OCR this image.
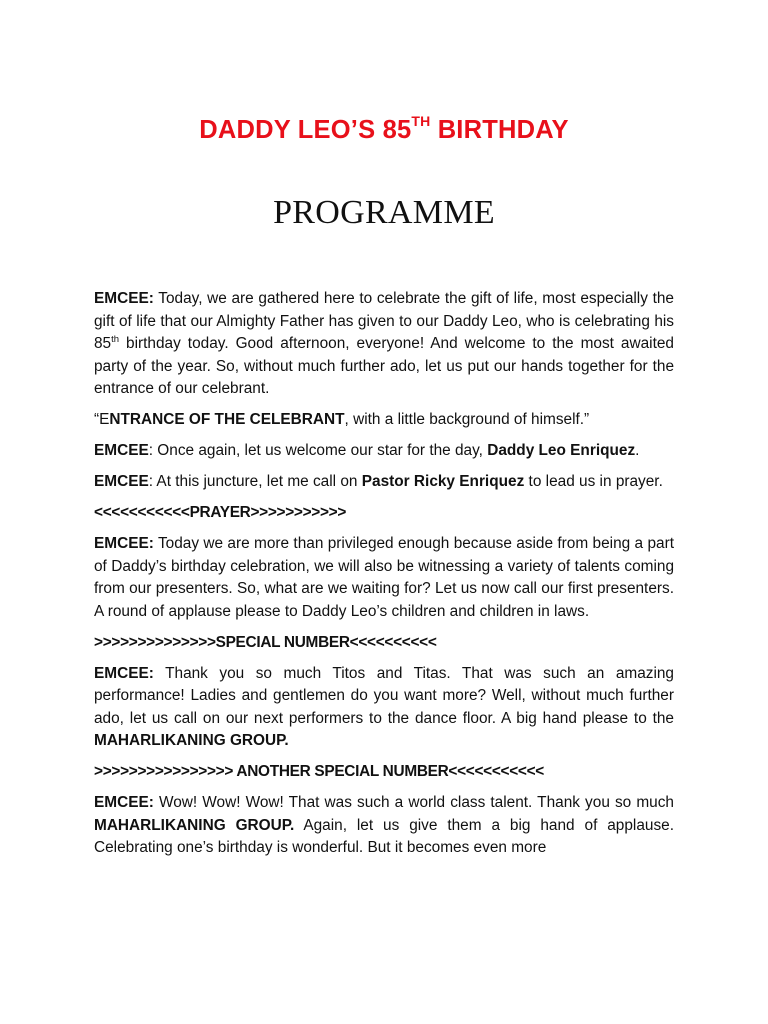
DADDY LEO’S 85TH BIRTHDAY
PROGRAMME

EMCEE: Today, we are gathered here to celebrate the gift of life, most especially the gift of life that our Almighty Father has given to our Daddy Leo, who is celebrating his 85th birthday today. Good afternoon, everyone! And welcome to the most awaited party of the year. So, without much further ado, let us put our hands together for the entrance of our celebrant.

“ENTRANCE OF THE CELEBRANT, with a little background of himself.”

EMCEE: Once again, let us welcome our star for the day, Daddy Leo Enriquez.

EMCEE: At this juncture, let me call on Pastor Ricky Enriquez to lead us in prayer.

<<<<<<<<<<<PRAYER>>>>>>>>>>>

EMCEE: Today we are more than privileged enough because aside from being a part of Daddy’s birthday celebration, we will also be witnessing a variety of talents coming from our presenters. So, what are we waiting for? Let us now call our first presenters. A round of applause please to Daddy Leo’s children and children in laws.

>>>>>>>>>>>>>>SPECIAL NUMBER<<<<<<<<<<

EMCEE: Thank you so much Titos and Titas. That was such an amazing performance! Ladies and gentlemen do you want more? Well, without much further ado, let us call on our next performers to the dance floor. A big hand please to the MAHARLIKANING GROUP.

>>>>>>>>>>>>>>>> ANOTHER SPECIAL NUMBER<<<<<<<<<<<

EMCEE: Wow! Wow! Wow! That was such a world class talent. Thank you so much MAHARLIKANING GROUP. Again, let us give them a big hand of applause. Celebrating one’s birthday is wonderful. But it becomes even more
